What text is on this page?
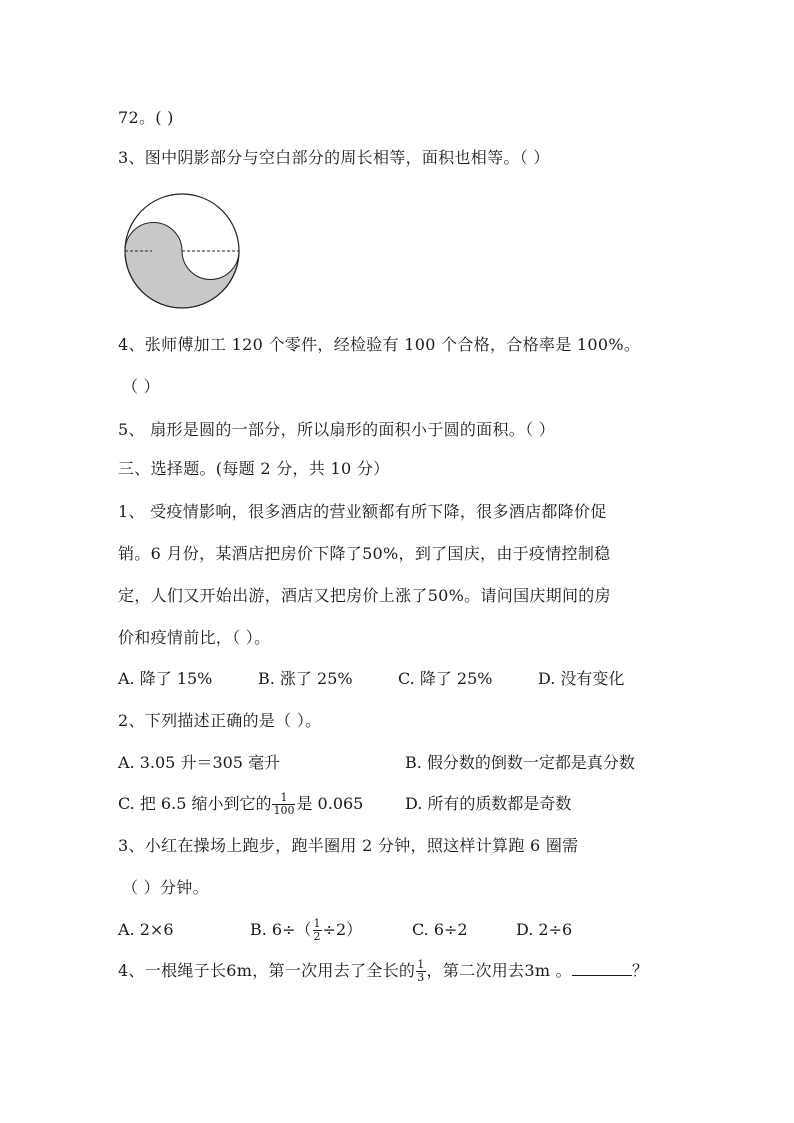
72。( )
3、图中阴影部分与空白部分的周长相等，面积也相等。（ ）
4、张师傅加工 120 个零件，经检验有 100 个合格，合格率是 100%。
（ ）
5、 扇形是圆的一部分，所以扇形的面积小于圆的面积。（ ）
三、选择题。(每题 2 分，共 10 分）
1、 受疫情影响，很多酒店的营业额都有所下降，很多酒店都降价促
销。6 月份，某酒店把房价下降了50%，到了国庆，由于疫情控制稳
定，人们又开始出游，酒店又把房价上涨了50%。请问国庆期间的房
价和疫情前比，（ ）。
A. 降了 15%	B. 涨了 25%	C. 降了 25%	D. 没有变化
2、下列描述正确的是（ ）。
A. 3.05 升＝305 毫升	B. 假分数的倒数一定都是真分数
C. 把 6.5 缩小到它的 $\frac{1}{100}$ 是 0.065	D. 所有的质数都是奇数
3、小红在操场上跑步，跑半圈用 2 分钟，照这样计算跑 6 圈需
（ ）分钟。
A. 2×6	B. $6\div( \frac{1}{2} \div 2)$	C. 6÷2	D. 2÷6
4、一根绳子长6m，第一次用去了全长的 $\frac{1}{3}$ ，第二次用去3m 。	？
